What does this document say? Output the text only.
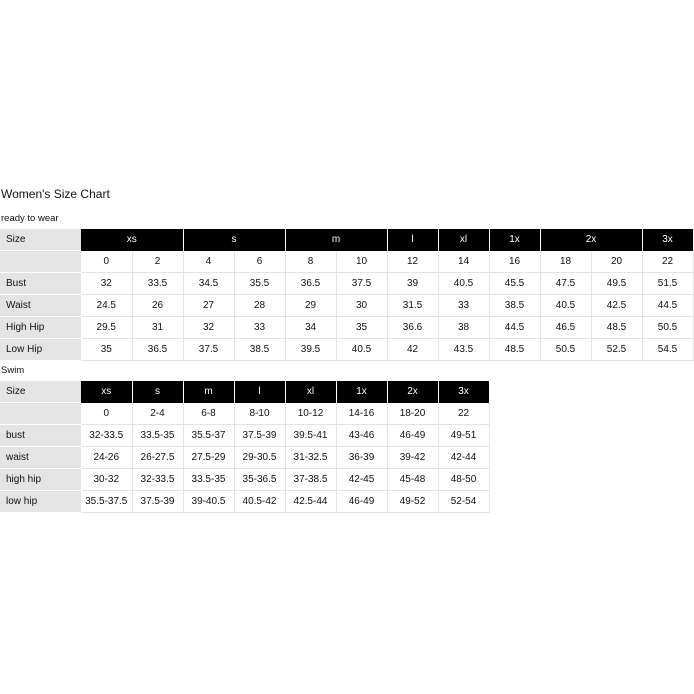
Women's Size Chart
ready to wear
Size	xs		s		m		l	xl	1x	2x		3x
	0	2	4	6	8	10	12	14	16	18	20	22
Bust	32	33.5	34.5	35.5	36.5	37.5	39	40.5	45.5	47.5	49.5	51.5
Waist	24.5	26	27	28	29	30	31.5	33	38.5	40.5	42.5	44.5
High Hip	29.5	31	32	33	34	35	36.6	38	44.5	46.5	48.5	50.5
Low Hip	35	36.5	37.5	38.5	39.5	40.5	42	43.5	48.5	50.5	52.5	54.5
Swim
Size	xs	s	m	l	xl	1x	2x	3x
	0	2-4	6-8	8-10	10-12	14-16	18-20	22
bust	32-33.5	33.5-35	35.5-37	37.5-39	39.5-41	43-46	46-49	49-51
waist	24-26	26-27.5	27.5-29	29-30.5	31-32.5	36-39	39-42	42-44
high hip	30-32	32-33.5	33.5-35	35-36.5	37-38.5	42-45	45-48	48-50
low hip	35.5-37.5	37.5-39	39-40.5	40.5-42	42.5-44	46-49	49-52	52-54
